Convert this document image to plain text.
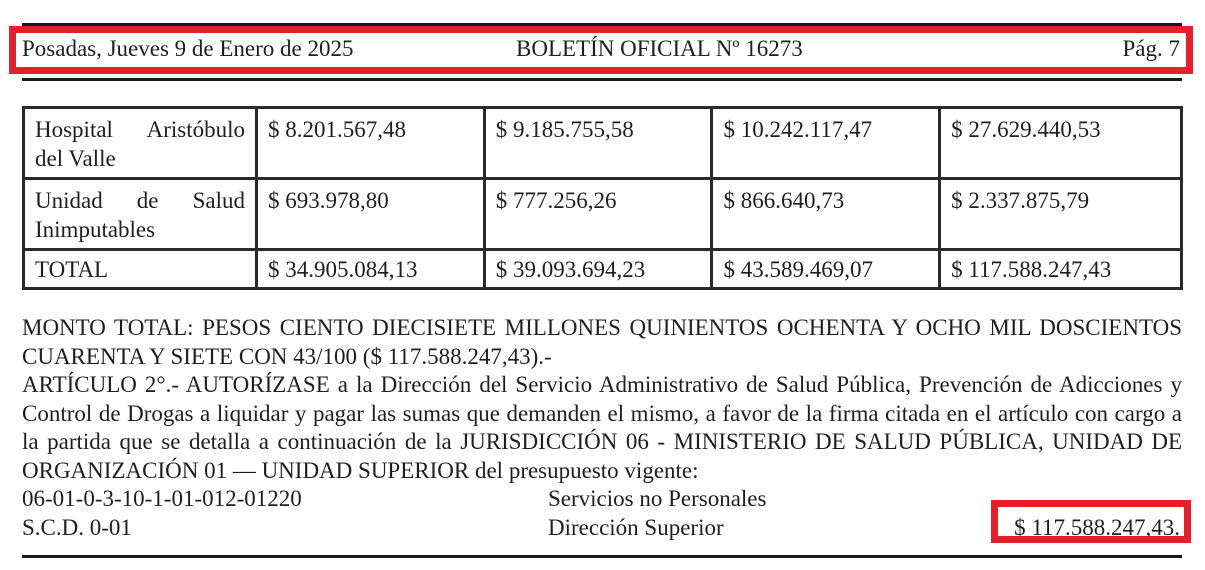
Posadas, Jueves 9 de Enero de 2025	BOLETÍN OFICIAL Nº 16273	Pág. 7
Hospital Aristóbulo del Valle	$ 8.201.567,48	$ 9.185.755,58	$ 10.242.117,47	$ 27.629.440,53
Unidad de Salud Inimputables	$ 693.978,80	$ 777.256,26	$ 866.640,73	$ 2.337.875,79
TOTAL	$ 34.905.084,13	$ 39.093.694,23	$ 43.589.469,07	$ 117.588.247,43

MONTO TOTAL: PESOS CIENTO DIECISIETE MILLONES QUINIENTOS OCHENTA Y OCHO MIL DOSCIENTOS CUARENTA Y SIETE CON 43/100 ($ 117.588.247,43).-

ARTÍCULO 2°.- AUTORÍZASE a la Dirección del Servicio Administrativo de Salud Pública, Prevención de Adicciones y Control de Drogas a liquidar y pagar las sumas que demanden el mismo, a favor de la firma citada en el artículo con cargo a la partida que se detalla a continuación de la JURISDICCIÓN 06 - MINISTERIO DE SALUD PÚBLICA, UNIDAD DE ORGANIZACIÓN 01 — UNIDAD SUPERIOR del presupuesto vigente:

06-01-0-3-10-1-01-012-01220	Servicios no Personales
S.C.D. 0-01	Dirección Superior	$ 117.588.247,43.
